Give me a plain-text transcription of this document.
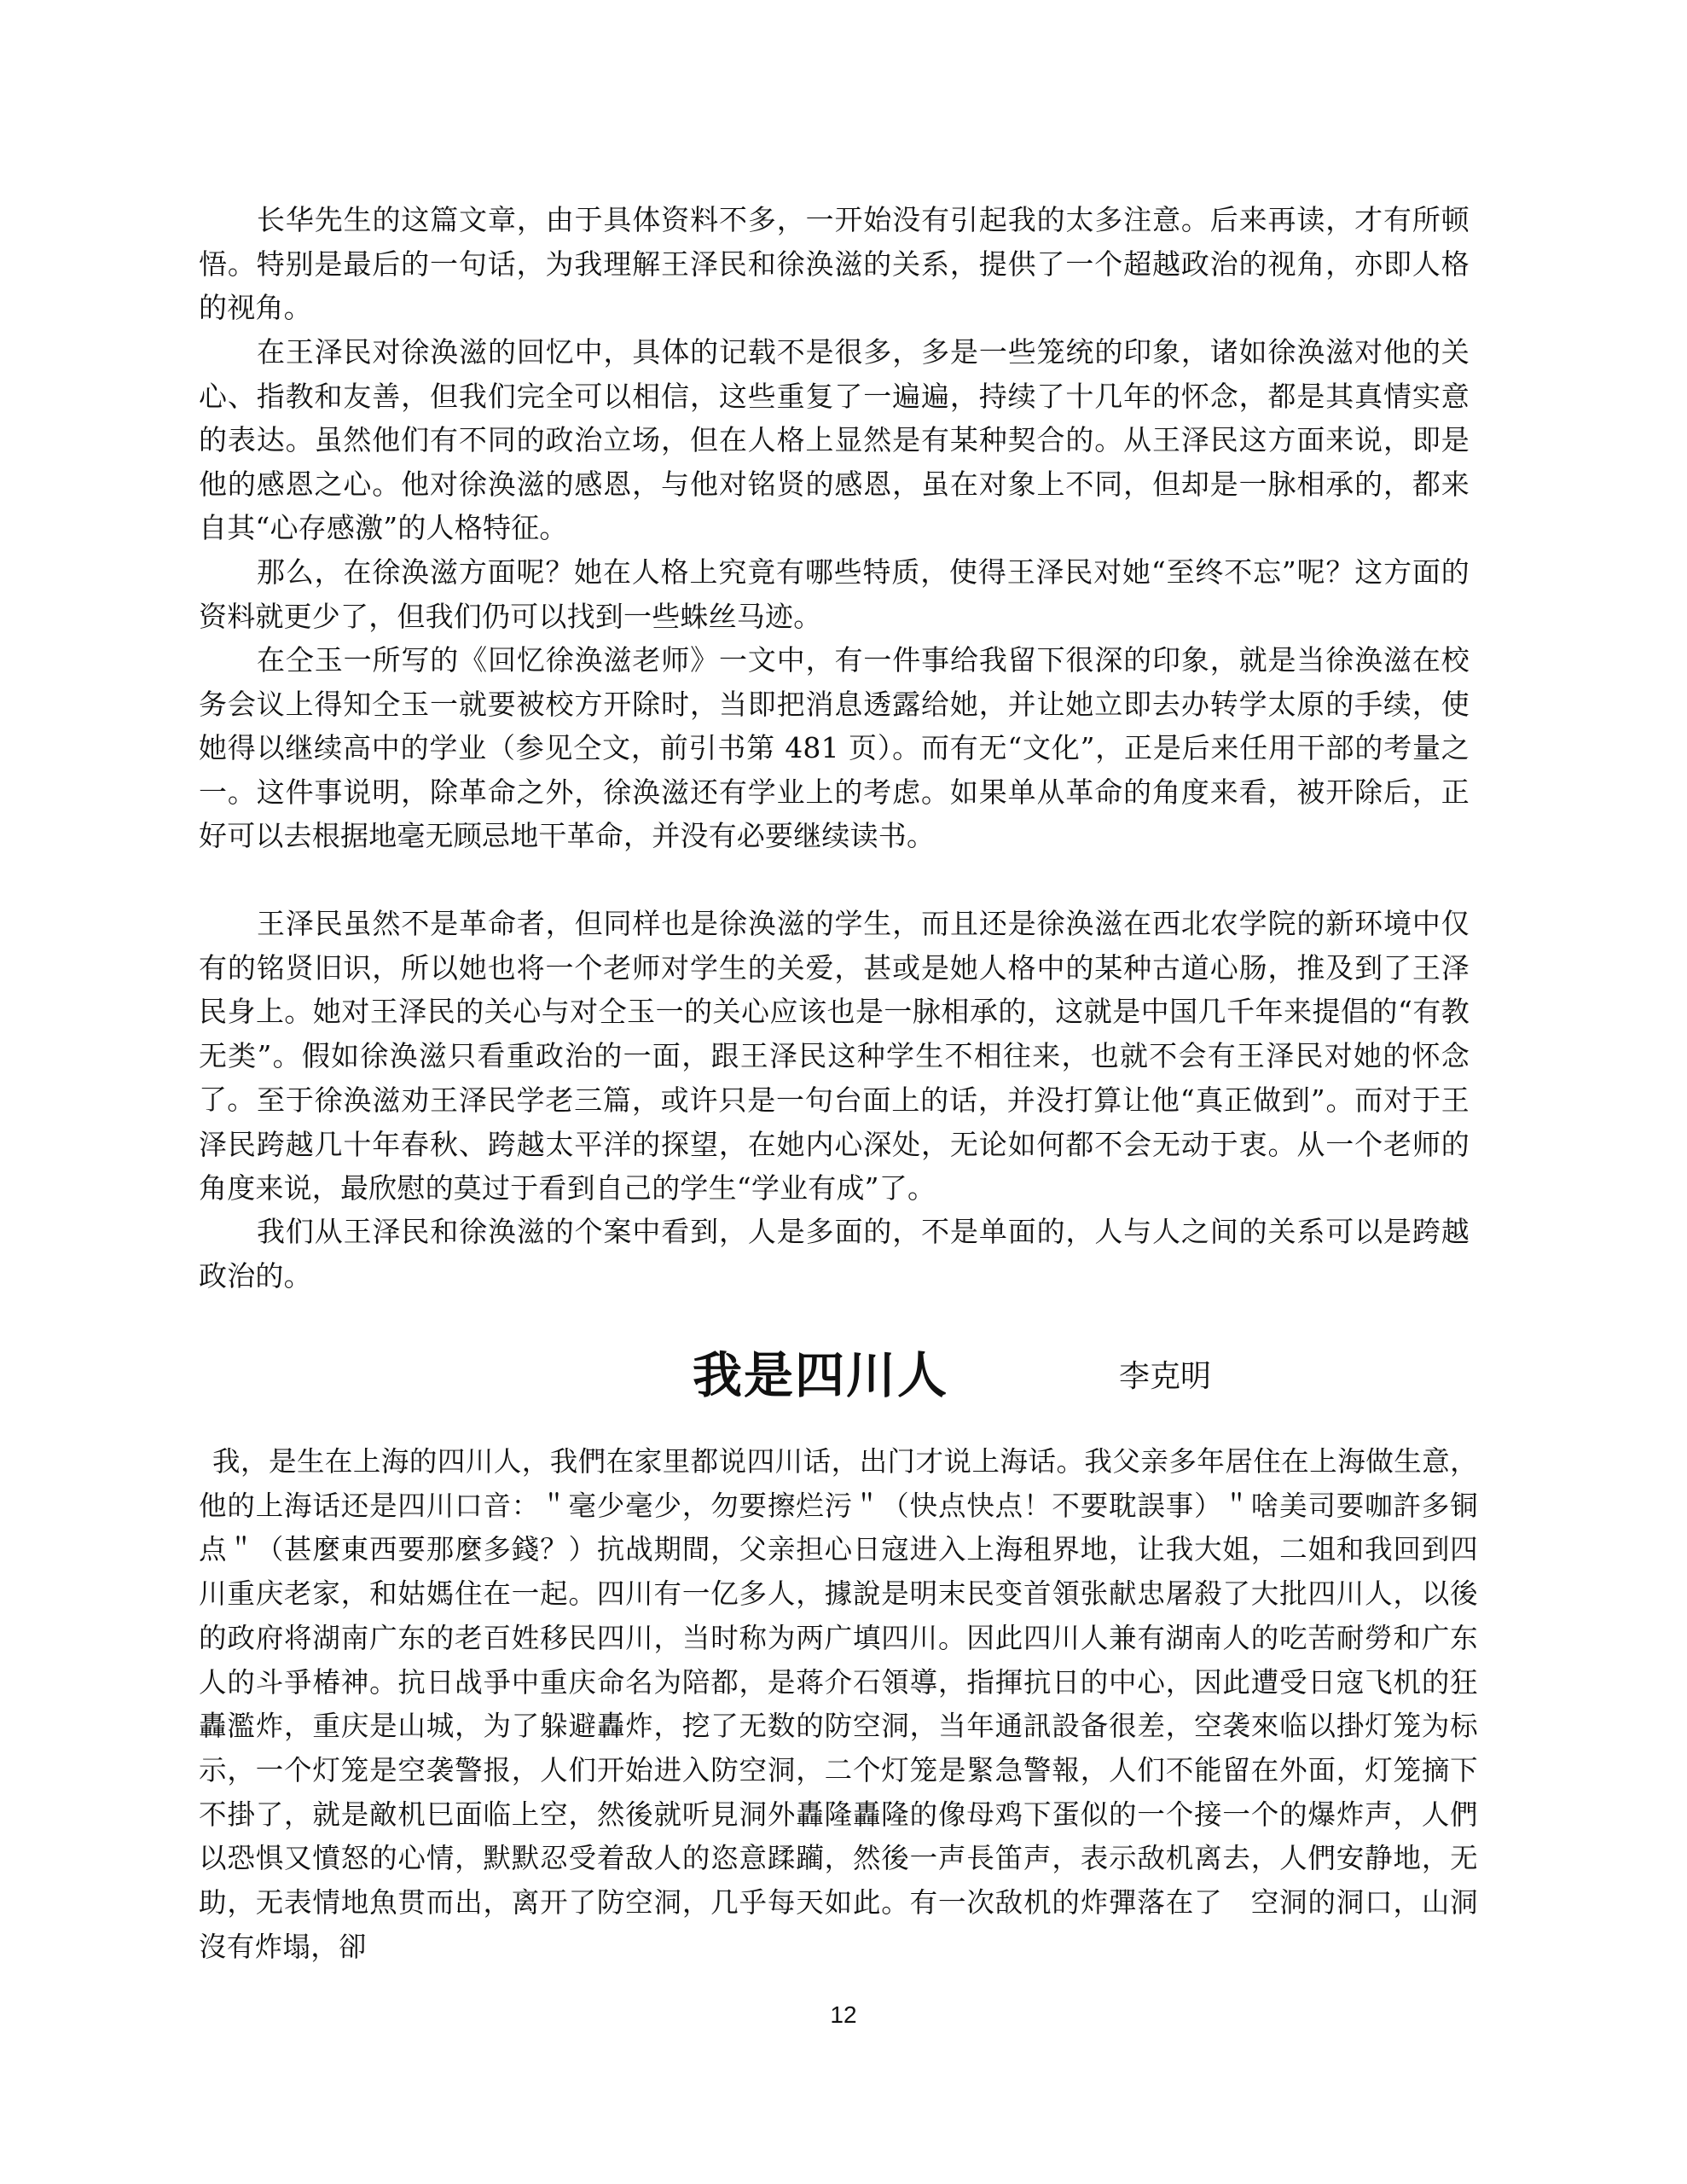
长华先生的这篇文章，由于具体资料不多，一开始没有引起我的太多注意。后来再读，才有所顿悟。特别是最后的一句话，为我理解王泽民和徐涣滋的关系，提供了一个超越政治的视角，亦即人格的视角。

在王泽民对徐涣滋的回忆中，具体的记载不是很多，多是一些笼统的印象，诸如徐涣滋对他的关心、指教和友善，但我们完全可以相信，这些重复了一遍遍，持续了十几年的怀念，都是其真情实意的表达。虽然他们有不同的政治立场，但在人格上显然是有某种契合的。从王泽民这方面来说，即是他的感恩之心。他对徐涣滋的感恩，与他对铭贤的感恩，虽在对象上不同，但却是一脉相承的，都来自其“心存感激”的人格特征。

那么，在徐涣滋方面呢？她在人格上究竟有哪些特质，使得王泽民对她“至终不忘”呢？这方面的资料就更少了，但我们仍可以找到一些蛛丝马迹。

在仝玉一所写的《回忆徐涣滋老师》一文中，有一件事给我留下很深的印象，就是当徐涣滋在校务会议上得知仝玉一就要被校方开除时，当即把消息透露给她，并让她立即去办转学太原的手续，使她得以继续高中的学业（参见仝文，前引书第 481 页）。而有无“文化”，正是后来任用干部的考量之一。这件事说明，除革命之外，徐涣滋还有学业上的考虑。如果单从革命的角度来看，被开除后，正好可以去根据地毫无顾忌地干革命，并没有必要继续读书。

王泽民虽然不是革命者，但同样也是徐涣滋的学生，而且还是徐涣滋在西北农学院的新环境中仅有的铭贤旧识，所以她也将一个老师对学生的关爱，甚或是她人格中的某种古道心肠，推及到了王泽民身上。她对王泽民的关心与对仝玉一的关心应该也是一脉相承的，这就是中国几千年来提倡的“有教无类”。假如徐涣滋只看重政治的一面，跟王泽民这种学生不相往来，也就不会有王泽民对她的怀念了。 至于徐涣滋劝王泽民学老三篇，或许只是一句台面上的话，并没打算让他“真正做到”。而对于王泽民跨越几十年春秋、跨越太平洋的探望，在她内心深处，无论如何都不会无动于衷。从一个老师的角度来说，最欣慰的莫过于看到自己的学生“学业有成”了。

我们从王泽民和徐涣滋的个案中看到，人是多面的，不是单面的，人与人之间的关系可以是跨越政治的。

我是四川人	李克明

我，是生在上海的四川人，我們在家里都说四川话，出门才说上海话。我父亲多年居住在上海做生意，他的上海话还是四川口音：＂毫少毫少，勿要擦烂污＂（快点快点！不要耽誤事）＂啥美司要咖許多铜点＂（甚麼東西要那麼多錢？）抗战期間，父亲担心日寇进入上海租界地，让我大姐，二姐和我回到四川重庆老家，和姑媽住在一起。四川有一亿多人，據說是明末民变首領张献忠屠殺了大批四川人，以後的政府将湖南广东的老百姓移民四川，当时称为两广填四川。因此四川人兼有湖南人的吃苦耐勞和广东人的斗爭椿神。抗日战爭中重庆命名为陪都，是蒋介石領導，指揮抗日的中心，因此遭受日寇飞机的狂轟濫炸，重庆是山城，为了躲避轟炸，挖了无数的防空洞，当年通訊設备很差，空袭來临以掛灯笼为标示，一个灯笼是空袭警报，人们开始进入防空洞，二个灯笼是緊急警報，人们不能留在外面，灯笼摘下不掛了，就是敵机巳面临上空，然後就听見洞外轟隆轟隆的像母鸡下蛋似的一个接一个的爆炸声，人們以恐惧又憤怒的心情，默默忍受着敌人的恣意蹂躏，然後一声長笛声，表示敌机离去，人們安静地，无助，无表情地魚贯而出，离开了防空洞，几乎每天如此。有一次敌机的炸彈落在了　空洞的洞口，山洞沒有炸塌，卻

12
